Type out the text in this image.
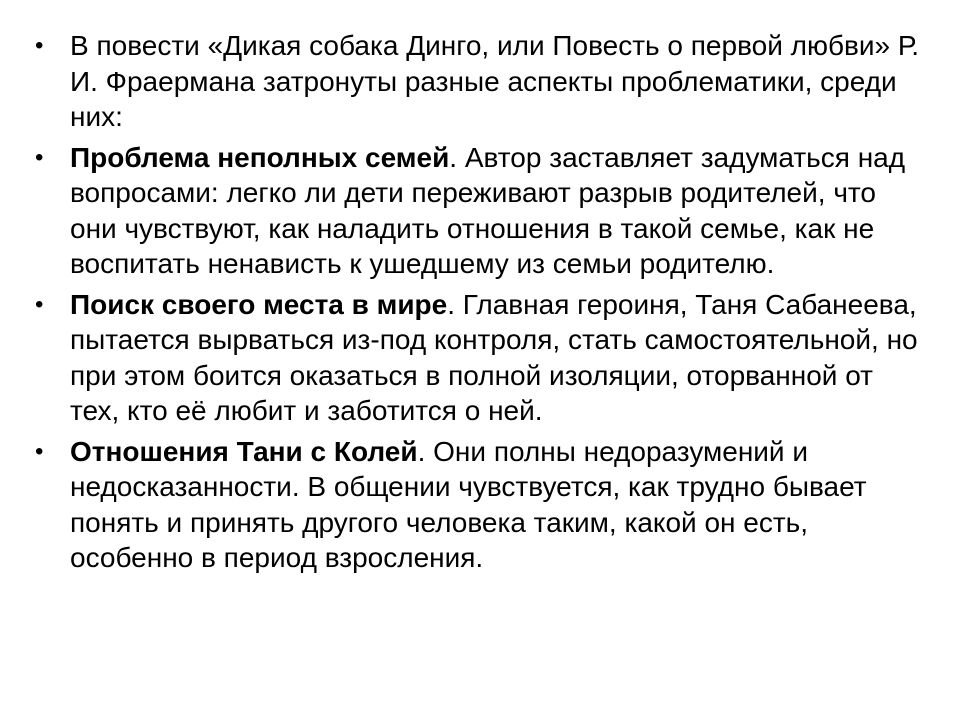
• В повести «Дикая собака Динго, или Повесть о первой любви» Р. И. Фраермана затронуты разные аспекты проблематики, среди них:
• Проблема неполных семей. Автор заставляет задуматься над вопросами: легко ли дети переживают разрыв родителей, что они чувствуют, как наладить отношения в такой семье, как не воспитать ненависть к ушедшему из семьи родителю.
• Поиск своего места в мире. Главная героиня, Таня Сабанеева, пытается вырваться из-под контроля, стать самостоятельной, но при этом боится оказаться в полной изоляции, оторванной от тех, кто её любит и заботится о ней.
• Отношения Тани с Колей. Они полны недоразумений и недосказанности. В общении чувствуется, как трудно бывает понять и принять другого человека таким, какой он есть, особенно в период взросления.
